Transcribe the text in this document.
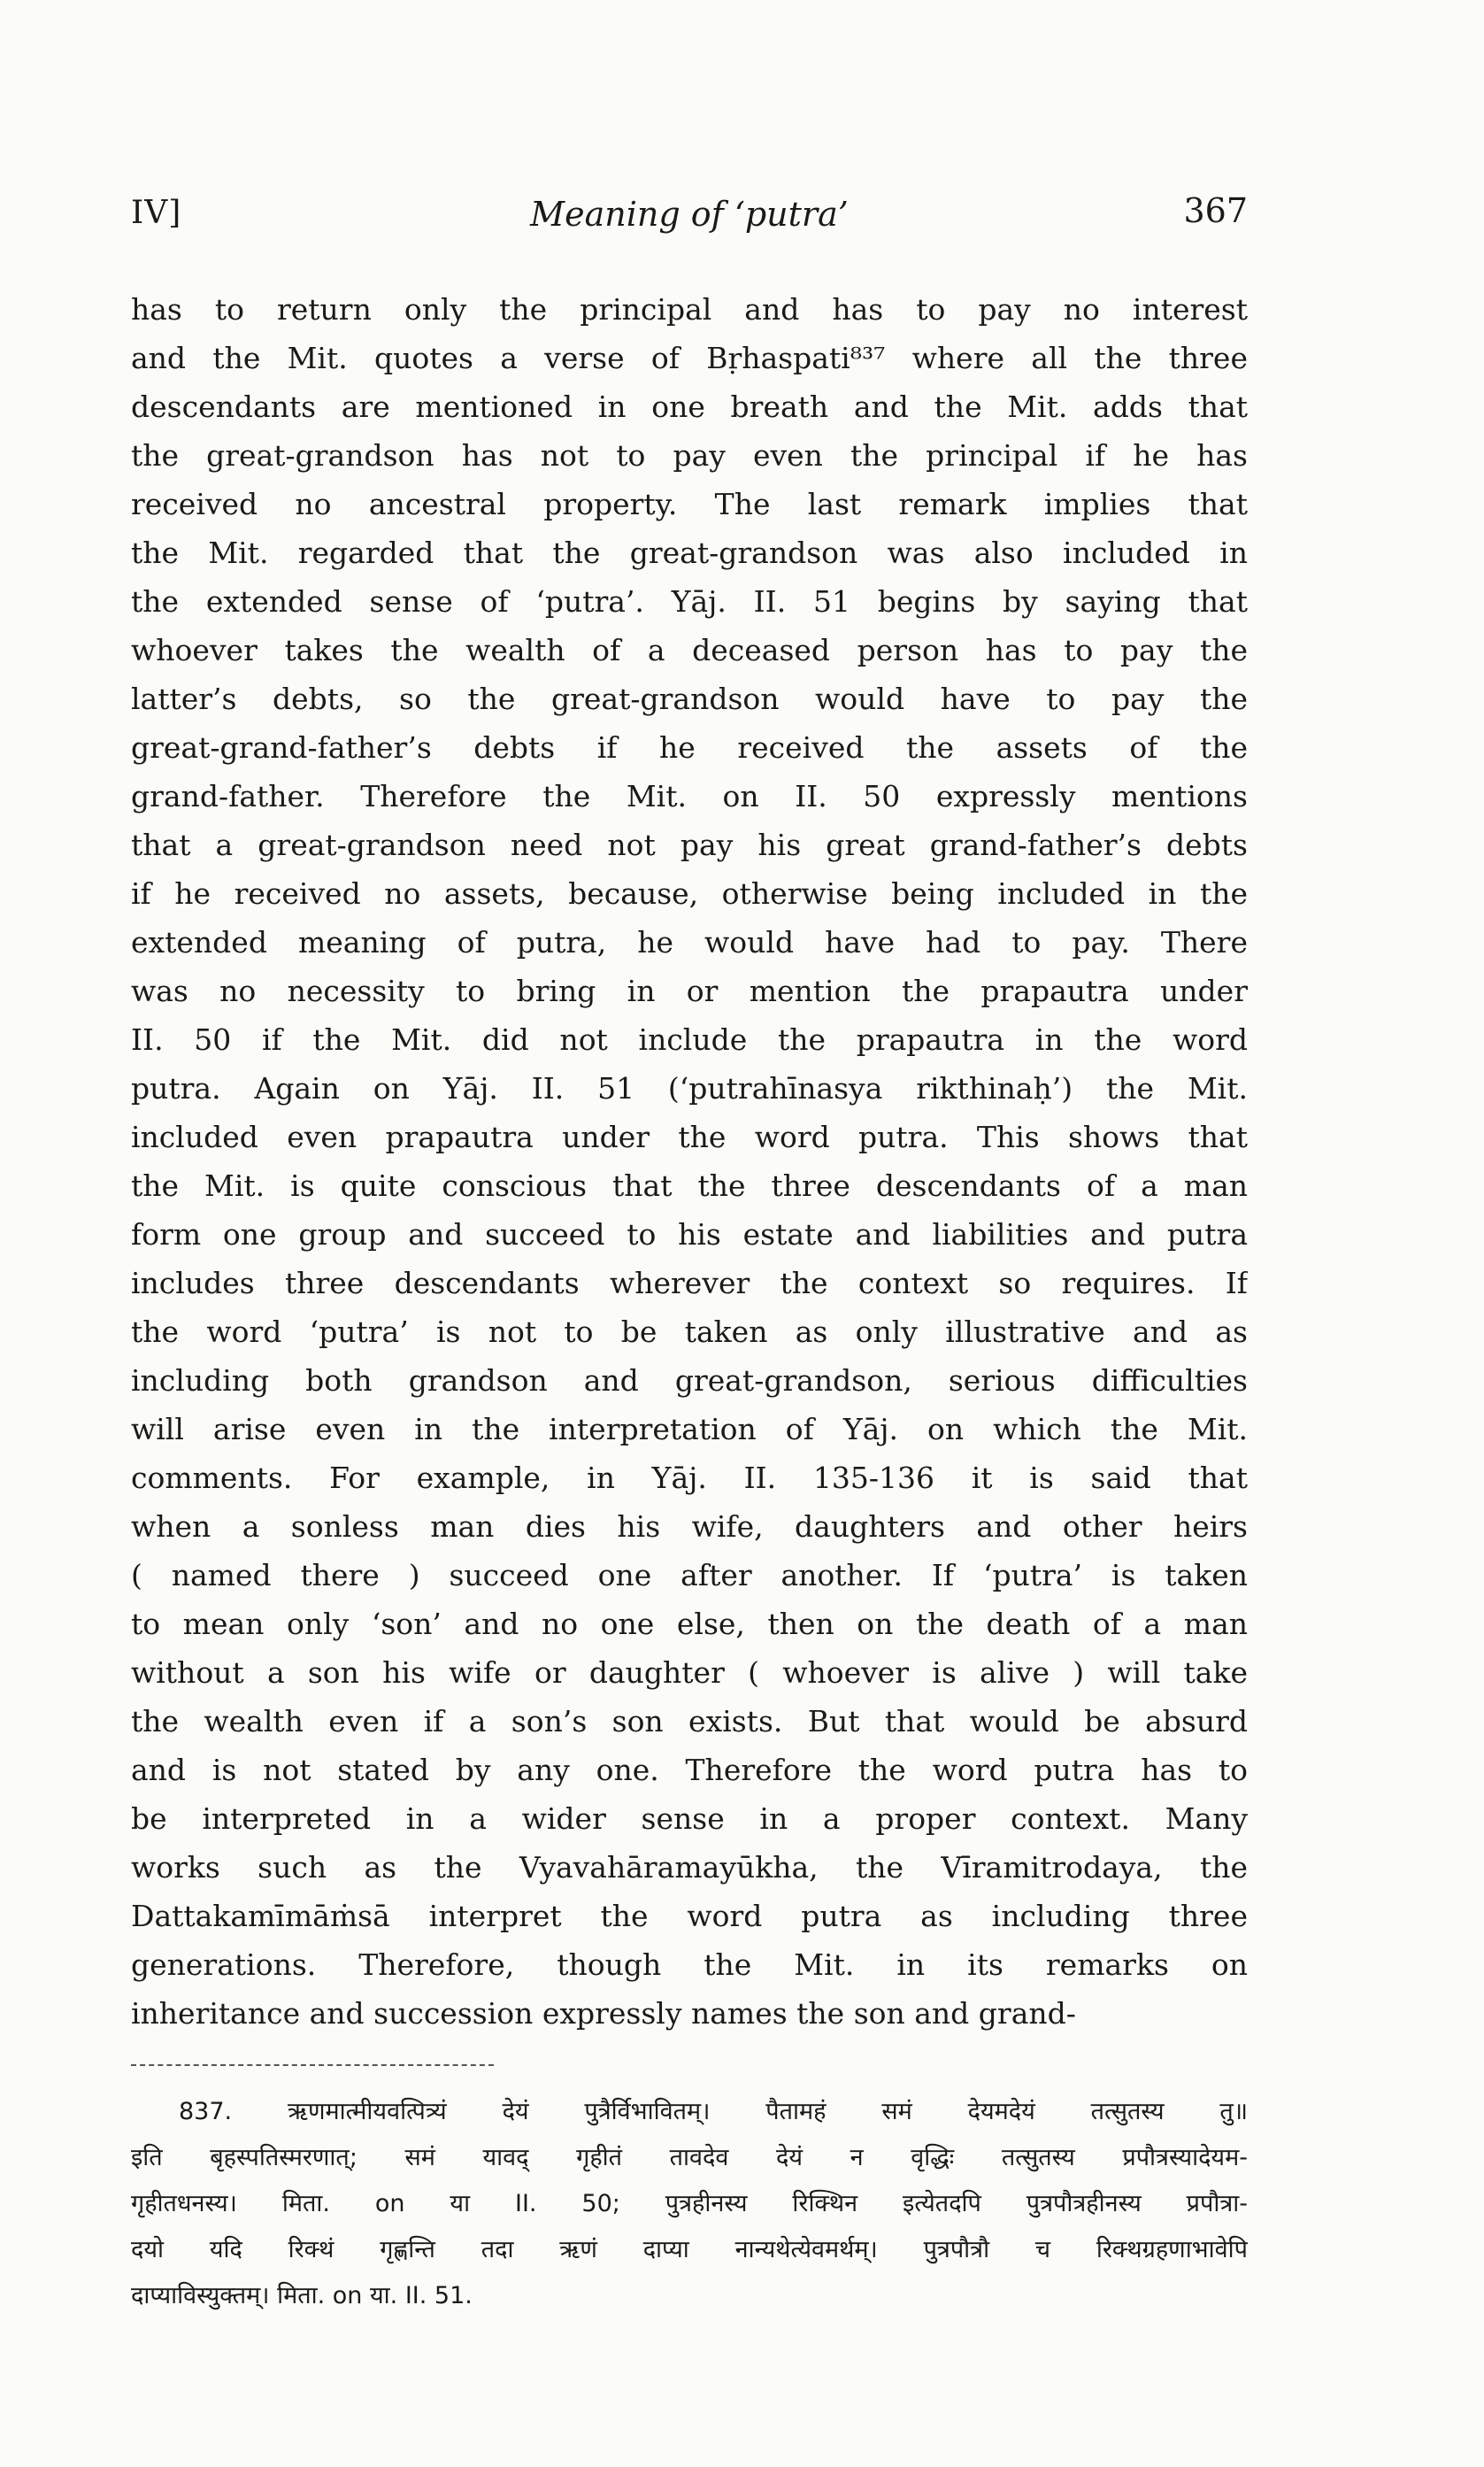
IV]	Meaning of ‘putra’	367
has to return only the principal and has to pay no interest
and the Mit. quotes a verse of Bṛhaspati⁸³⁷ where all the three
descendants are mentioned in one breath and the Mit. adds that
the great-grandson has not to pay even the principal if he has
received no ancestral property. The last remark implies that
the Mit. regarded that the great-grandson was also included in
the extended sense of ‘putra’. Yāj. II. 51 begins by saying that
whoever takes the wealth of a deceased person has to pay the
latter’s debts, so the great-grandson would have to pay the
great-grand-father’s debts if he received the assets of the
grand-father. Therefore the Mit. on II. 50 expressly mentions
that a great-grandson need not pay his great grand-father’s debts
if he received no assets, because, otherwise being included in the
extended meaning of putra, he would have had to pay. There
was no necessity to bring in or mention the prapautra under
II. 50 if the Mit. did not include the prapautra in the word
putra. Again on Yāj. II. 51 (‘putrahīnasya rikthinaḥ’) the Mit.
included even prapautra under the word putra. This shows that
the Mit. is quite conscious that the three descendants of a man
form one group and succeed to his estate and liabilities and putra
includes three descendants wherever the context so requires. If
the word ‘putra’ is not to be taken as only illustrative and as
including both grandson and great-grandson, serious difficulties
will arise even in the interpretation of Yāj. on which the Mit.
comments. For example, in Yāj. II. 135-136 it is said that
when a sonless man dies his wife, daughters and other heirs
( named there ) succeed one after another. If ‘putra’ is taken
to mean only ‘son’ and no one else, then on the death of a man
without a son his wife or daughter ( whoever is alive ) will take
the wealth even if a son’s son exists. But that would be absurd
and is not stated by any one. Therefore the word putra has to
be interpreted in a wider sense in a proper context. Many
works such as the Vyavahāramayūkha, the Vīramitrodaya, the
Dattakamīmāṁsā interpret the word putra as including three
generations. Therefore, though the Mit. in its remarks on
inheritance and succession expressly names the son and grand-
837. ऋणमात्मीयवत्पित्र्यं देयं पुत्रैर्विभावितम्। पैतामहं समं देयमदेयं तत्सुतस्य तु॥
इति बृहस्पतिस्मरणात्; समं यावद् गृहीतं तावदेव देयं न वृद्धिः तत्सुतस्य प्रपौत्रस्यादेयम-
गृहीतधनस्य। मिता. on या II. 50; पुत्रहीनस्य रिक्थिन इत्येतदपि पुत्रपौत्रहीनस्य प्रपौत्रा-
दयो यदि रिक्थं गृह्णन्ति तदा ऋणं दाप्या नान्यथेत्येवमर्थम्। पुत्रपौत्रौ च रिक्थग्रहणाभावेपि
दाप्याविस्युक्तम्। मिता. on या. II. 51.
